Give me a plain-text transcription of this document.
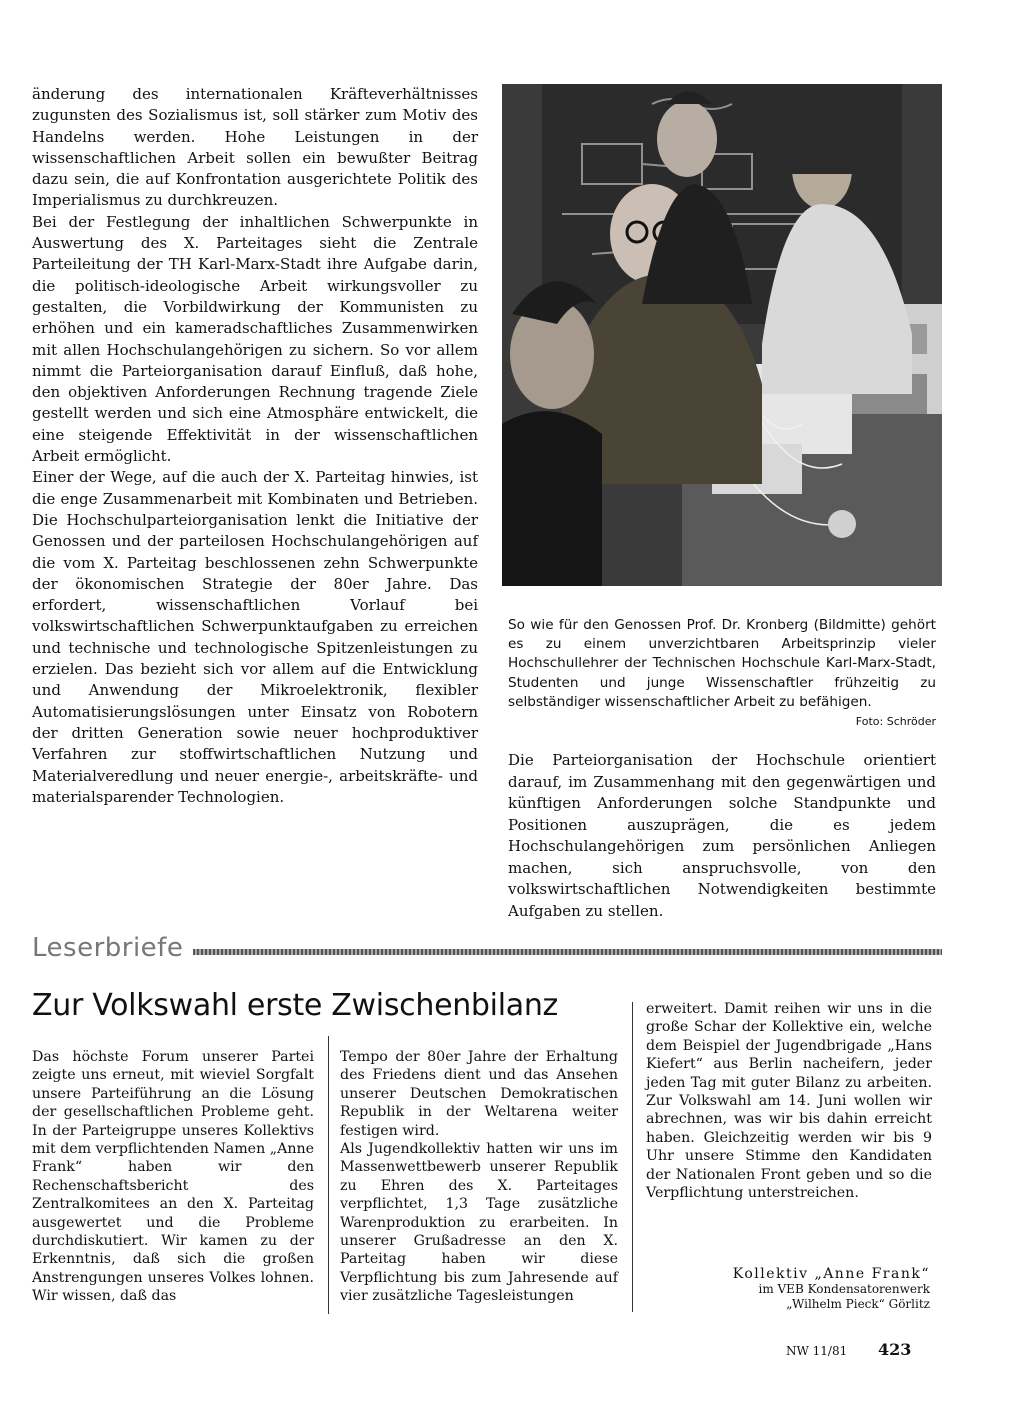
änderung des internationalen Kräfteverhältnisses zugunsten des Sozialismus ist, soll stärker zum Motiv des Handelns werden. Hohe Leistungen in der wissenschaftlichen Arbeit sollen ein bewußter Beitrag dazu sein, die auf Konfrontation ausgerichtete Politik des Imperialismus zu durchkreuzen.

Bei der Festlegung der inhaltlichen Schwerpunkte in Auswertung des X. Parteitages sieht die Zentrale Parteileitung der TH Karl-Marx-Stadt ihre Aufgabe darin, die politisch-ideologische Arbeit wirkungsvoller zu gestalten, die Vorbildwirkung der Kommunisten zu erhöhen und ein kameradschaftliches Zusammenwirken mit allen Hochschulangehörigen zu sichern. So vor allem nimmt die Parteiorganisation darauf Einfluß, daß hohe, den objektiven Anforderungen Rechnung tragende Ziele gestellt werden und sich eine Atmosphäre entwickelt, die eine steigende Effektivität in der wissenschaftlichen Arbeit ermöglicht.

Einer der Wege, auf die auch der X. Parteitag hinwies, ist die enge Zusammenarbeit mit Kombinaten und Betrieben. Die Hochschulparteiorganisation lenkt die Initiative der Genossen und der parteilosen Hochschulangehörigen auf die vom X. Parteitag beschlossenen zehn Schwerpunkte der ökonomischen Strategie der 80er Jahre. Das erfordert, wissenschaftlichen Vorlauf bei volkswirtschaftlichen Schwerpunktaufgaben zu erreichen und technische und technologische Spitzenleistungen zu erzielen. Das bezieht sich vor allem auf die Entwicklung und Anwendung der Mikroelektronik, flexibler Automatisierungslösungen unter Einsatz von Robotern der dritten Generation sowie neuer hochproduktiver Verfahren zur stoffwirtschaftlichen Nutzung und Materialveredlung und neuer energie-, arbeitskräfte- und materialsparender Technologien.

So wie für den Genossen Prof. Dr. Kronberg (Bildmitte) gehört es zu einem unverzichtbaren Arbeitsprinzip vieler Hochschullehrer der Technischen Hochschule Karl-Marx-Stadt, Studenten und junge Wissenschaftler frühzeitig zu selbständiger wissenschaftlicher Arbeit zu befähigen.
Foto: Schröder

Die Parteiorganisation der Hochschule orientiert darauf, im Zusammenhang mit den gegenwärtigen und künftigen Anforderungen solche Standpunkte und Positionen auszuprägen, die es jedem Hochschulangehörigen zum persönlichen Anliegen machen, sich anspruchsvolle, von den volkswirtschaftlichen Notwendigkeiten bestimmte Aufgaben zu stellen.

Leserbriefe
Zur Volkswahl erste Zwischenbilanz

Das höchste Forum unserer Partei zeigte uns erneut, mit wieviel Sorgfalt unsere Parteiführung an die Lösung der gesellschaftlichen Probleme geht. In der Parteigruppe unseres Kollektivs mit dem verpflichtenden Namen „Anne Frank“ haben wir den Rechenschaftsbericht des Zentralkomitees an den X. Parteitag ausgewertet und die Probleme durchdiskutiert. Wir kamen zu der Erkenntnis, daß sich die großen Anstrengungen unseres Volkes lohnen. Wir wissen, daß das

Tempo der 80er Jahre der Erhaltung des Friedens dient und das Ansehen unserer Deutschen Demokratischen Republik in der Weltarena weiter festigen wird.

Als Jugendkollektiv hatten wir uns im Massenwettbewerb unserer Republik zu Ehren des X. Parteitages verpflichtet, 1,3 Tage zusätzliche Warenproduktion zu erarbeiten. In unserer Grußadresse an den X. Parteitag haben wir diese Verpflichtung bis zum Jahresende auf vier zusätzliche Tagesleistungen

erweitert. Damit reihen wir uns in die große Schar der Kollektive ein, welche dem Beispiel der Jugendbrigade „Hans Kiefert“ aus Berlin nacheifern, jeder jeden Tag mit guter Bilanz zu arbeiten. Zur Volkswahl am 14. Juni wollen wir abrechnen, was wir bis dahin erreicht haben. Gleichzeitig werden wir bis 9 Uhr unsere Stimme den Kandidaten der Nationalen Front geben und so die Verpflichtung unterstreichen.

Kollektiv „Anne Frank“
im VEB Kondensatorenwerk
„Wilhelm Pieck“ Görlitz
NW 11/81 423
